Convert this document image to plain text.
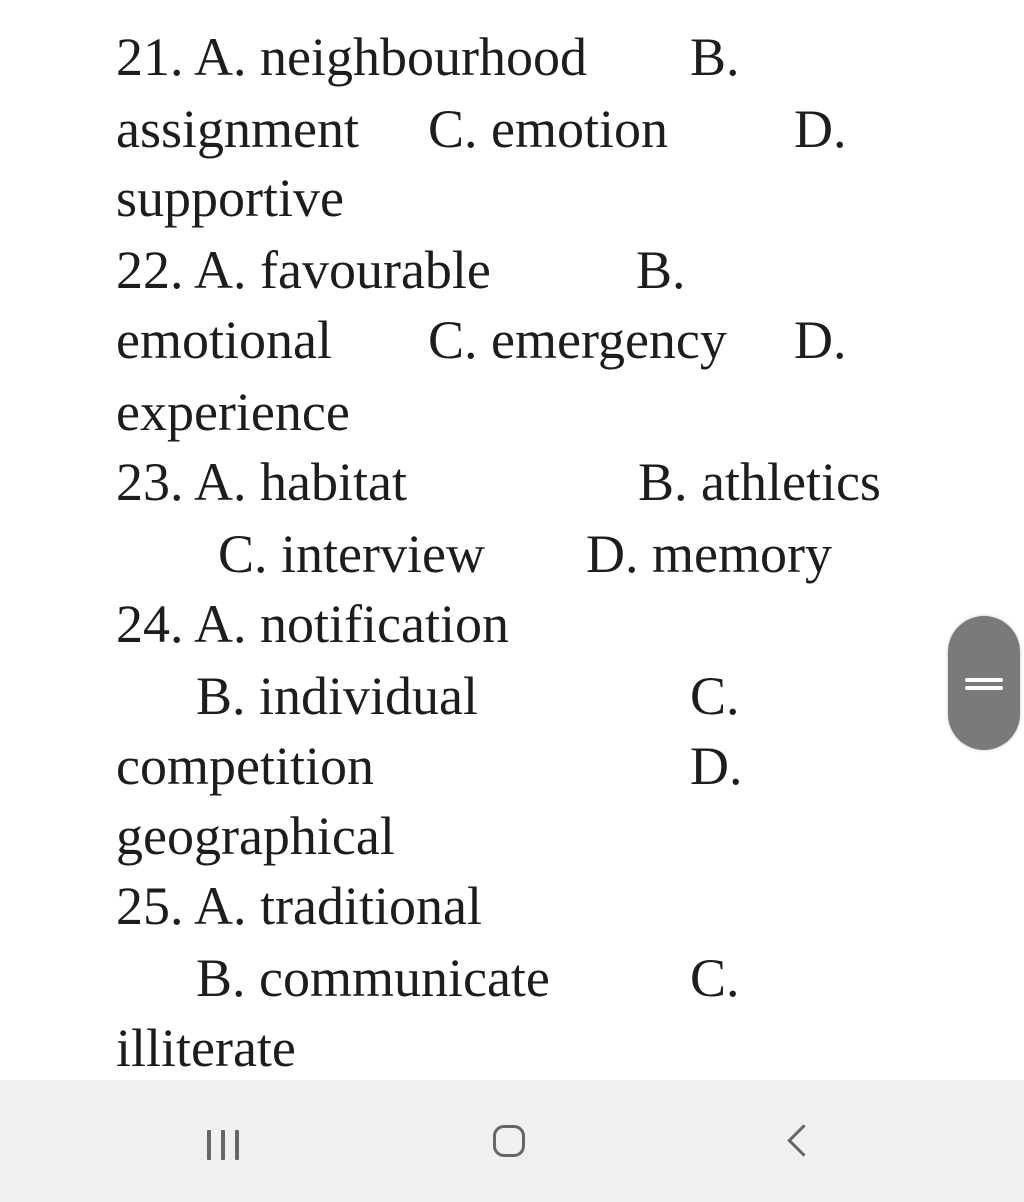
21. A. neighbourhood B.
assignment C. emotion D.
supportive
22. A. favourable	B.
emotional C. emergency D.
experience
23. A. habitat	B. athletics
C. interview D. memory
24. A. notification
B. individual	C.
competition	D.
geographical
25. A. traditional
B. communicate	C.
illiterate
